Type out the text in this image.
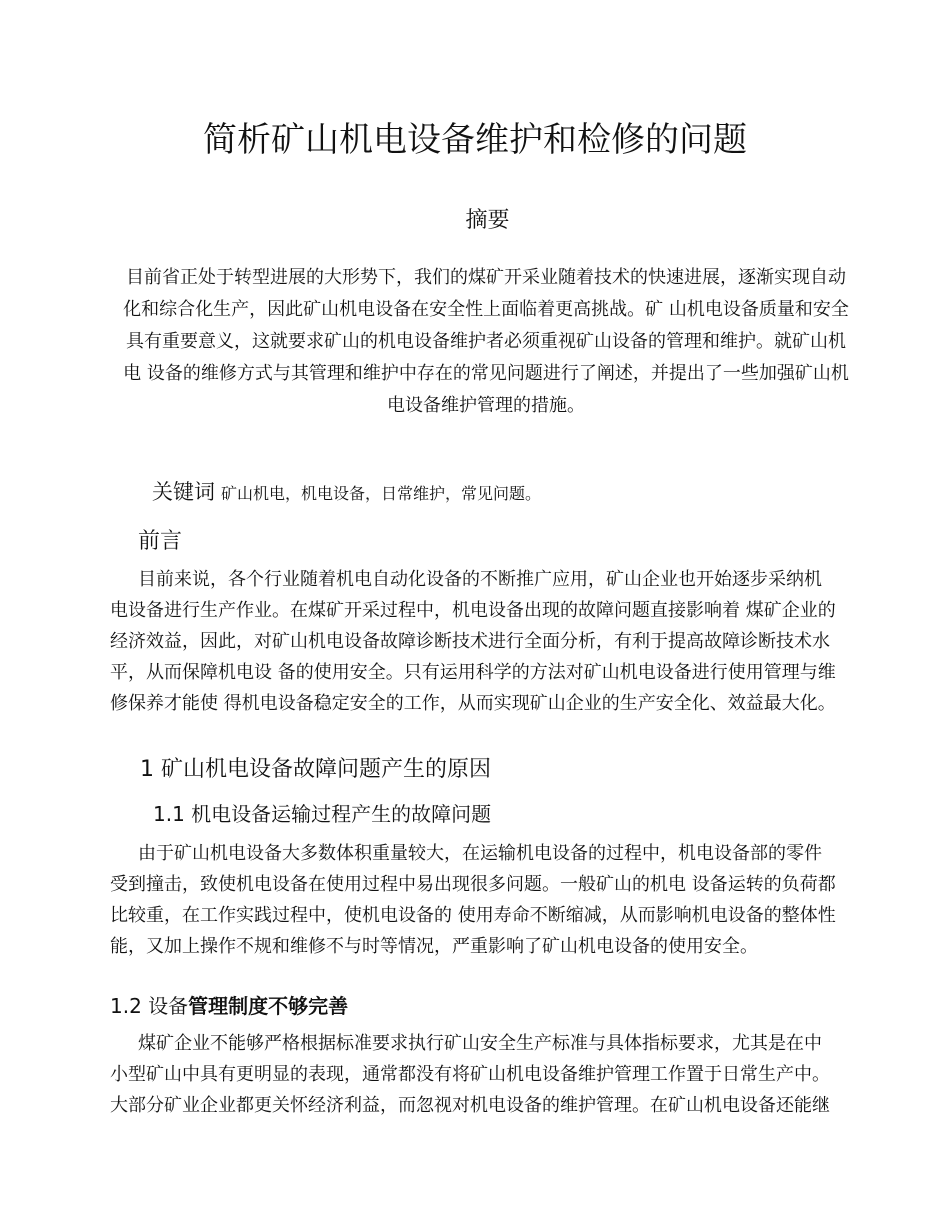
简析矿山机电设备维护和检修的问题
摘要

目前省正处于转型进展的大形势下，我们的煤矿开采业随着技术的快速进展，逐渐实现自动

化和综合化生产，因此矿山机电设备在安全性上面临着更高挑战。矿 山机电设备质量和安全

具有重要意义，这就要求矿山的机电设备维护者必须重视矿山设备的管理和维护。就矿山机

电 设备的维修方式与其管理和维护中存在的常见问题进行了阐述，并提出了一些加强矿山机

电设备维护管理的措施。

关键词 矿山机电，机电设备，日常维护，常见问题。
前言

目前来说，各个行业随着机电自动化设备的不断推广应用，矿山企业也开始逐步采纳机

电设备进行生产作业。在煤矿开采过程中，机电设备出现的故障问题直接影响着 煤矿企业的

经济效益，因此，对矿山机电设备故障诊断技术进行全面分析，有利于提高故障诊断技术水

平，从而保障机电设 备的使用安全。只有运用科学的方法对矿山机电设备进行使用管理与维

修保养才能使 得机电设备稳定安全的工作，从而实现矿山企业的生产安全化、效益最大化。

1 矿山机电设备故障问题产生的原因
1.1 机电设备运输过程产生的故障问题

由于矿山机电设备大多数体积重量较大，在运输机电设备的过程中，机电设备部的零件

受到撞击，致使机电设备在使用过程中易出现很多问题。一般矿山的机电 设备运转的负荷都

比较重，在工作实践过程中，使机电设备的 使用寿命不断缩减，从而影响机电设备的整体性

能，又加上操作不规和维修不与时等情况，严重影响了矿山机电设备的使用安全。

1.2 设备管理制度不够完善

煤矿企业不能够严格根据标准要求执行矿山安全生产标准与具体指标要求，尤其是在中

小型矿山中具有更明显的表现，通常都没有将矿山机电设备维护管理工作置于日常生产中。

大部分矿业企业都更关怀经济利益，而忽视对机电设备的维护管理。在矿山机电设备还能继
